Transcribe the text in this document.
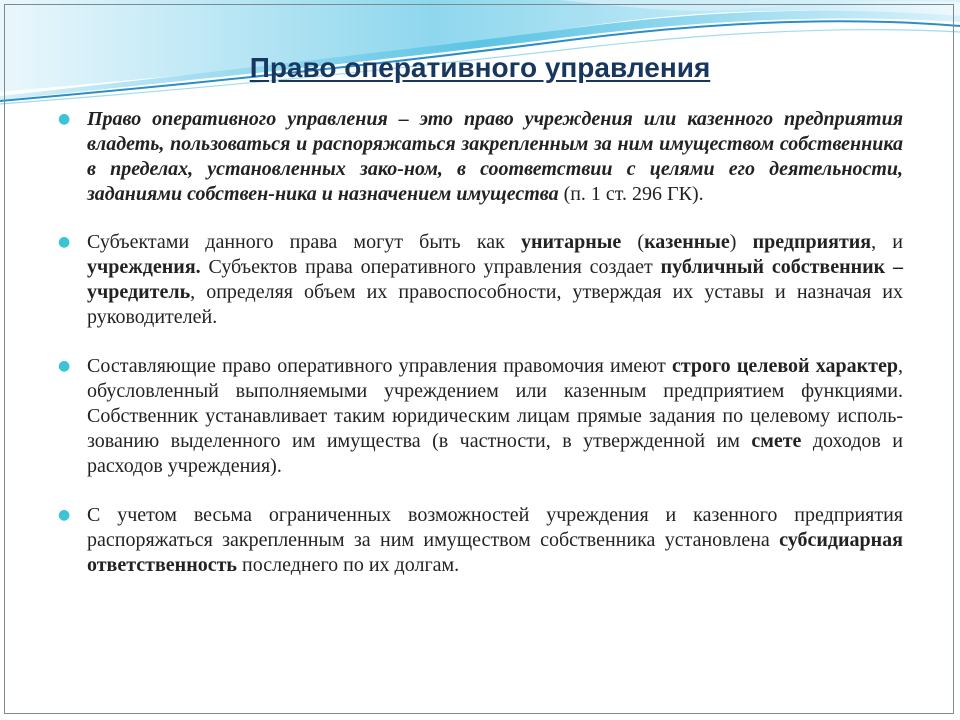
Право оперативного управления
● Право оперативного управления – это право учреждения или казенного предприятия владеть, пользоваться и распоряжаться закрепленным за ним имуществом собственника в пределах, установленных зако-ном, в соответствии с целями его деятельности, заданиями собствен-ника и назначением имущества (п. 1 ст. 296 ГК).
● Субъектами данного права могут быть как унитарные (казенные) предприятия, и учреждения. Субъектов права оперативного управления создает публичный собственник – учредитель, определяя объем их правоспособности, утверждая их уставы и назначая их руководителей.
● Составляющие право оперативного управления правомочия имеют строго целевой характер, обусловленный выполняемыми учреждением или казенным предприятием функциями. Собственник устанавливает таким юридическим лицам прямые задания по целевому исполь-зованию выделенного им имущества (в частности, в утвержденной им смете доходов и расходов учреждения).
● С учетом весьма ограниченных возможностей учреждения и казенного предприятия распоряжаться закрепленным за ним имуществом собственника установлена субсидиарная ответственность последнего по их долгам.
